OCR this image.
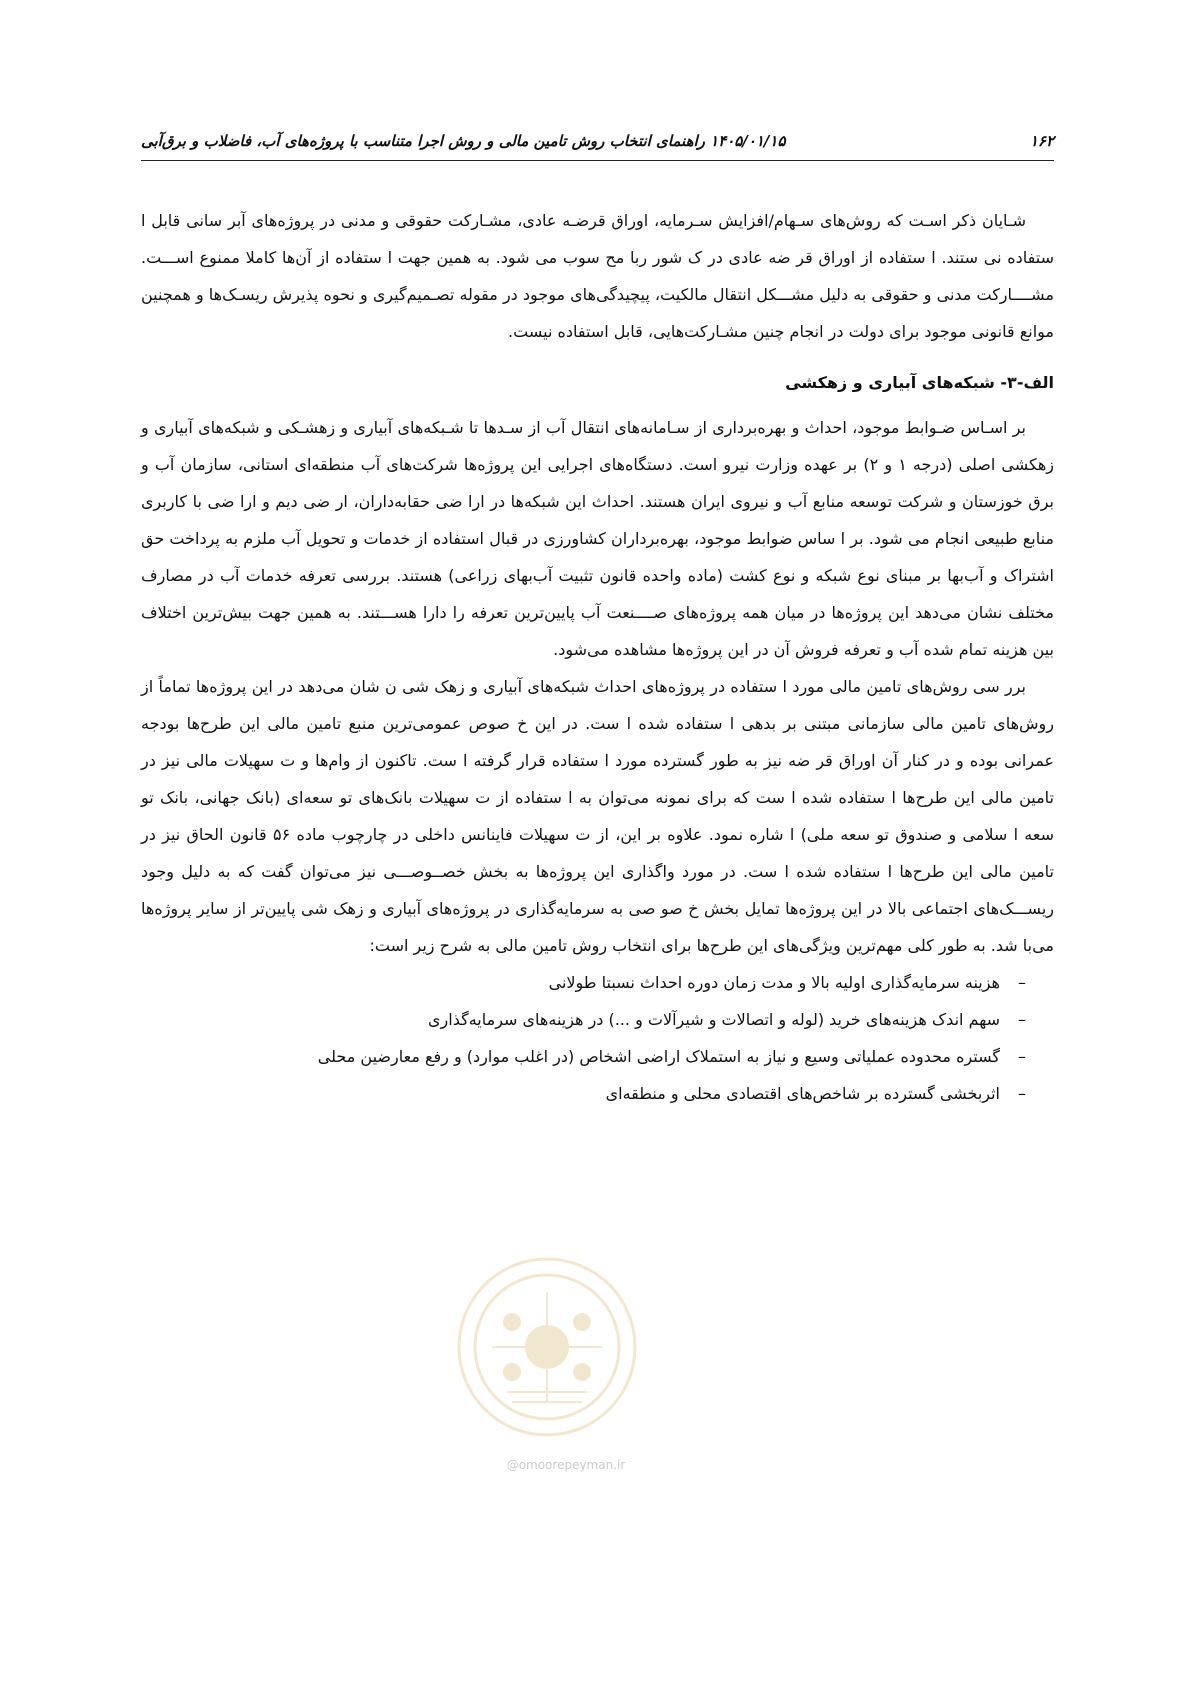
۱۶۲
۱۴۰۵/۰۱/۱۵ راهنمای انتخاب روش تامین مالی و روش اجرا متناسب با پروژه‌های آب، فاضلاب و برق‌آبی

شـایان ذکر اسـت که روش‌های سـهام/افزایش سـرمایه، اوراق قرضـه عادی، مشـارکت حقوقی و مدنی در پروژه‌های آبر سانی قابل ا ستفاده نی ستند. ا ستفاده از اوراق قر ضه عادی در ک شور ربا مح سوب می شود. به همین جهت ا ستفاده از آن‌ها کاملا ممنوع اســـت. مشــــارکت مدنی و حقوقی به دلیل مشـــکل انتقال مالکیت، پیچیدگی‌های موجود در مقوله تصـمیم‌گیری و نحوه پذیرش ریسـک‌ها و همچنین موانع قانونی موجود برای دولت در انجام چنین مشـارکت‌هایی، قابل استفاده نیست.

الف-۳- شبکه‌های آبیاری و زهکشی

بر اسـاس ضـوابط موجود، احداث و بهره‌برداری از سـامانه‌های انتقال آب از سـدها تا شـبکه‌های آبیاری و زهشـکی و شبکه‌های آبیاری و زهکشی اصلی (درجه ۱ و ۲) بر عهده وزارت نیرو است. دستگاه‌های اجرایی این پروژه‌ها شرکت‌های آب منطقه‌ای استانی، سازمان آب و برق خوزستان و شرکت توسعه منابع آب و نیروی ایران هستند. احداث این شبکه‌ها در ارا ضی حقابه‌داران، ار ضی دیم و ارا ضی با کاربری منابع طبیعی انجام می شود. بر ا ساس ضوابط موجود، بهره‌برداران کشاورزی در قبال استفاده از خدمات و تحویل آب ملزم به پرداخت حق اشتراک و آب‌بها بر مبنای نوع شبکه و نوع کشت (ماده واحده قانون تثبیت آب‌بهای زراعی) هستند. بررسی تعرفه خدمات آب در مصارف مختلف نشان می‌دهد این پروژه‌ها در میان همه پروژه‌های صــــنعت آب پایین‌ترین تعرفه را دارا هســـتند. به همین جهت بیش‌ترین اختلاف بین هزینه تمام شده آب و تعرفه فروش آن در این پروژه‌ها مشاهده می‌شود.

برر سی روش‌های تامین مالی مورد ا ستفاده در پروژه‌های احداث شبکه‌های آبیاری و زهک شی ن شان می‌دهد در این پروژه‌ها تماماً از روش‌های تامین مالی سازمانی مبتنی بر بدهی ا ستفاده شده ا ست. در این خ صوص عمومی‌ترین منبع تامین مالی این طرح‌ها بودجه عمرانی بوده و در کنار آن اوراق قر ضه نیز به طور گسترده مورد ا ستفاده قرار گرفته ا ست. تاکنون از وام‌ها و ت سهیلات مالی نیز در تامین مالی این طرح‌ها ا ستفاده شده ا ست که برای نمونه می‌توان به ا ستفاده از ت سهیلات بانک‌های تو سعه‌ای (بانک جهانی، بانک تو سعه ا سلامی و صندوق تو سعه ملی) ا شاره نمود. علاوه بر این، از ت سهیلات فاینانس داخلی در چارچوب ماده ۵۶ قانون الحاق نیز در تامین مالی این طرح‌ها ا ستفاده شده ا ست. در مورد واگذاری این پروژه‌ها به بخش خصــوصـــی نیز می‌توان گفت که به دلیل وجود ریســـک‌های اجتماعی بالا در این پروژه‌ها تمایل بخش خ صو صی به سرمایه‌گذاری در پروژه‌های آبیاری و زهک شی پایین‌تر از سایر پروژه‌ها می‌با شد. به طور کلی مهم‌ترین ویژگی‌های این طرح‌ها برای انتخاب روش تامین مالی به شرح زیر است:

–
هزینه سرمایه‌گذاری اولیه بالا و مدت زمان دوره احداث نسبتا طولانی
–
سهم اندک هزینه‌های خرید (لوله و اتصالات و شیرآلات و ...) در هزینه‌های سرمایه‌گذاری
–
گستره محدوده عملیاتی وسیع و نیاز به استملاک اراضی اشخاص (در اغلب موارد) و رفع معارضین محلی
–
اثربخشی گسترده بر شاخص‌های اقتصادی محلی و منطقه‌ای
@omoorepeyman.ir
